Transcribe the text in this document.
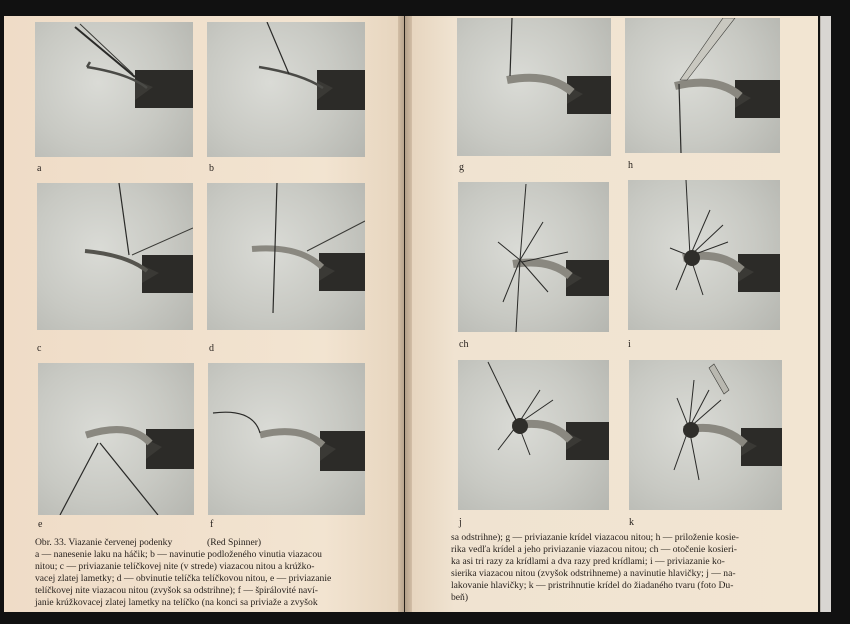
a	b
c	d
e	f
g	h
ch	i
j	k
Obr. 33. Viazanie červenej podenky	(Red Spinner)
a — nanesenie laku na háčik; b — navinutie podloženého vinutia viazacou
nitou; c — priviazanie telíčkovej nite (v strede) viazacou nitou a krúžko-
vacej zlatej lametky; d — obvinutie telíčka telíčkovou nitou, e — priviazanie
telíčkovej nite viazacou nitou (zvyšok sa odstrihne); f — špirálovité naví-
janie krúžkovacej zlatej lametky na telíčko (na konci sa priviaže a zvyšok
sa odstrihne); g — priviazanie krídel viazacou nitou; h — priloženie kosie-
rika vedľa krídel a jeho priviazanie viazacou nitou; ch — otočenie kosieri-
ka asi tri razy za krídlami a dva razy pred krídlami; i — priviazanie ko-
sierika viazacou nitou (zvyšok odstrihneme) a navinutie hlavičky; j — na-
lakovanie hlavičky; k — pristrihnutie krídel do žiadaného tvaru (foto Du-
beň)
